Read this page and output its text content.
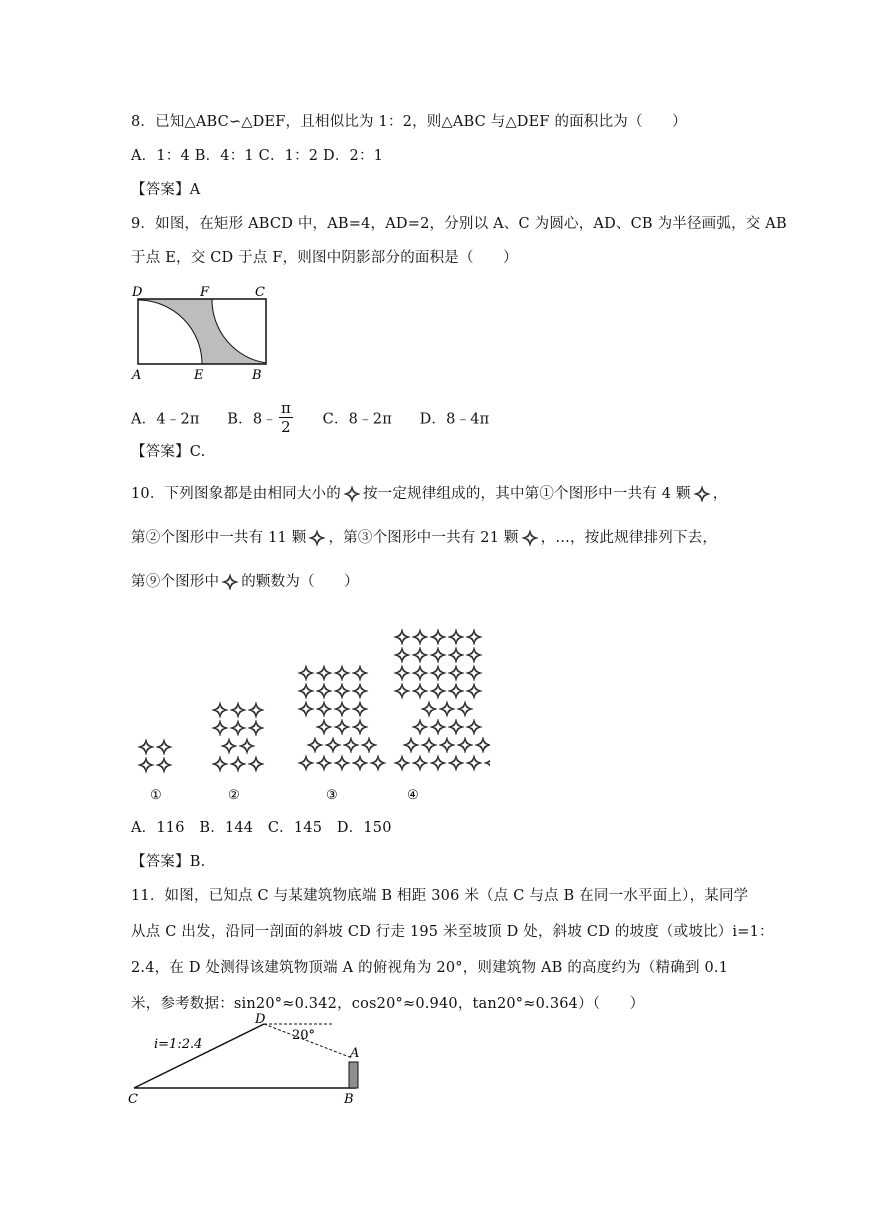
8．已知△ABC∽△DEF，且相似比为 1：2，则△ABC 与△DEF 的面积比为（　　）
A．1：4 B．4：1 C．1：2 D．2：1
【答案】A
9．如图，在矩形 ABCD 中，AB=4，AD=2，分别以 A、C 为圆心，AD、CB 为半径画弧，交 AB
于点 E，交 CD 于点 F，则图中阴影部分的面积是（　　）
D	F	C
A	E	B
A．4﹣2π B．8﹣ $\frac{\pi}{2}$ C．8﹣2π D．8﹣4π
【答案】C.
10．下列图象都是由相同大小的 按一定规律组成的，其中第①个图形中一共有 4 颗 ，
第②个图形中一共有 11 颗 ，第③个图形中一共有 21 颗 ，…，按此规律排列下去，
第⑨个图形中 的颗数为（　　）
①	②	③	④
A．116　B．144　C．145　D．150
【答案】B.
11．如图，已知点 C 与某建筑物底端 B 相距 306 米（点 C 与点 B 在同一水平面上），某同学
从点 C 出发，沿同一剖面的斜坡 CD 行走 195 米至坡顶 D 处，斜坡 CD 的坡度（或坡比）i=1：
2.4，在 D 处测得该建筑物顶端 A 的俯视角为 20°，则建筑物 AB 的高度约为（精确到 0.1
米，参考数据：sin20°≈0.342，cos20°≈0.940，tan20°≈0.364）（　　）
D
A
C	B
i=1:2.4
20°
